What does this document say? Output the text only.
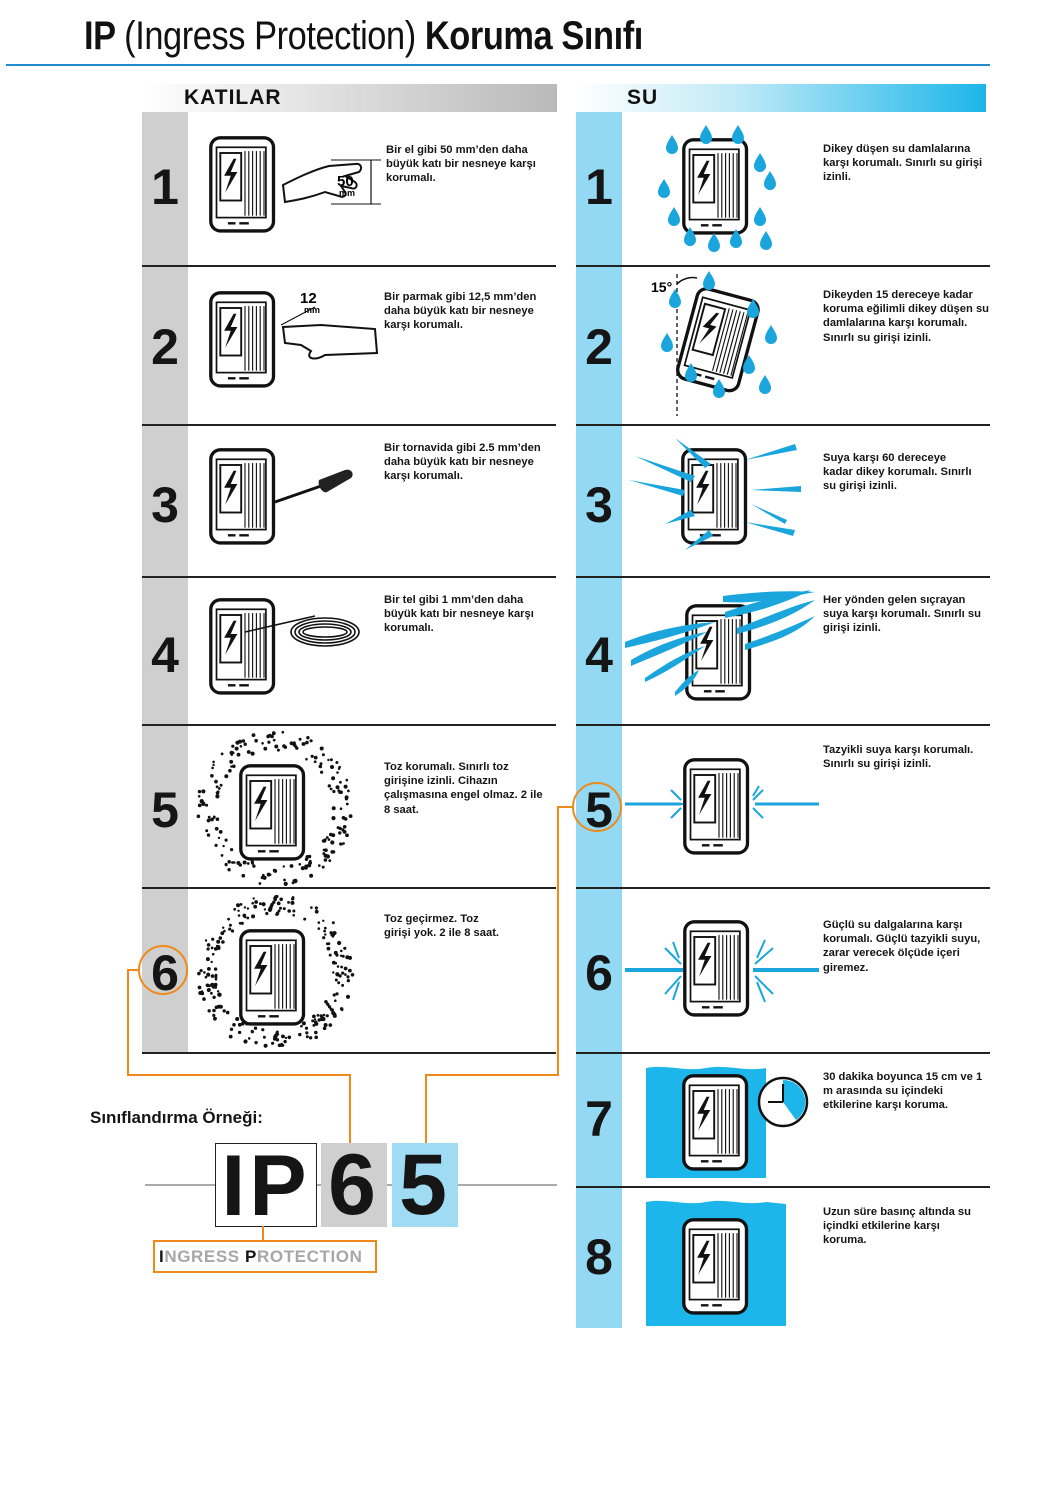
IP (Ingress Protection) Koruma Sınıfı
KATILAR	SU
1
2
3
4
5
6
1
2
3
4
5
6
7
8
Bir el gibi 50 mm’den daha büyük katı bir nesneye karşı korumalı.
Bir parmak gibi 12,5 mm’den daha büyük katı bir nesneye karşı korumalı.
Bir tornavida gibi 2.5 mm’den daha büyük katı bir nesneye karşı korumalı.
Bir tel gibi 1 mm’den daha büyük katı bir nesneye karşı korumalı.
Toz korumalı. Sınırlı toz girişine izinli. Cihazın çalışmasına engel olmaz. 2 ile 8 saat.
Toz geçirmez. Toz girişi yok. 2 ile 8 saat.
Dikey düşen su damlalarına karşı korumalı. Sınırlı su girişi izinli.
Dikeyden 15 dereceye kadar koruma eğilimli dikey düşen su damlalarına karşı korumalı. Sınırlı su girişi izinli.
Suya karşı 60 dereceye kadar dikey korumalı. Sınırlı su girişi izinli.
Her yönden gelen sıçrayan suya karşı korumalı. Sınırlı su girişi izinli.
Tazyikli suya karşı korumalı. Sınırlı su girişi izinli.
Güçlü su dalgalarına karşı korumalı. Güçlü tazyikli suyu, zarar verecek ölçüde içeri giremez.
30 dakika boyunca 15 cm ve 1 m arasında su içindeki etkilerine karşı koruma.
Uzun süre basınç altında su içindki etkilerine karşı koruma.
50
mm
12
mm
15°
Sınıflandırma Örneği:
IP 6 5
INGRESS PROTECTION
